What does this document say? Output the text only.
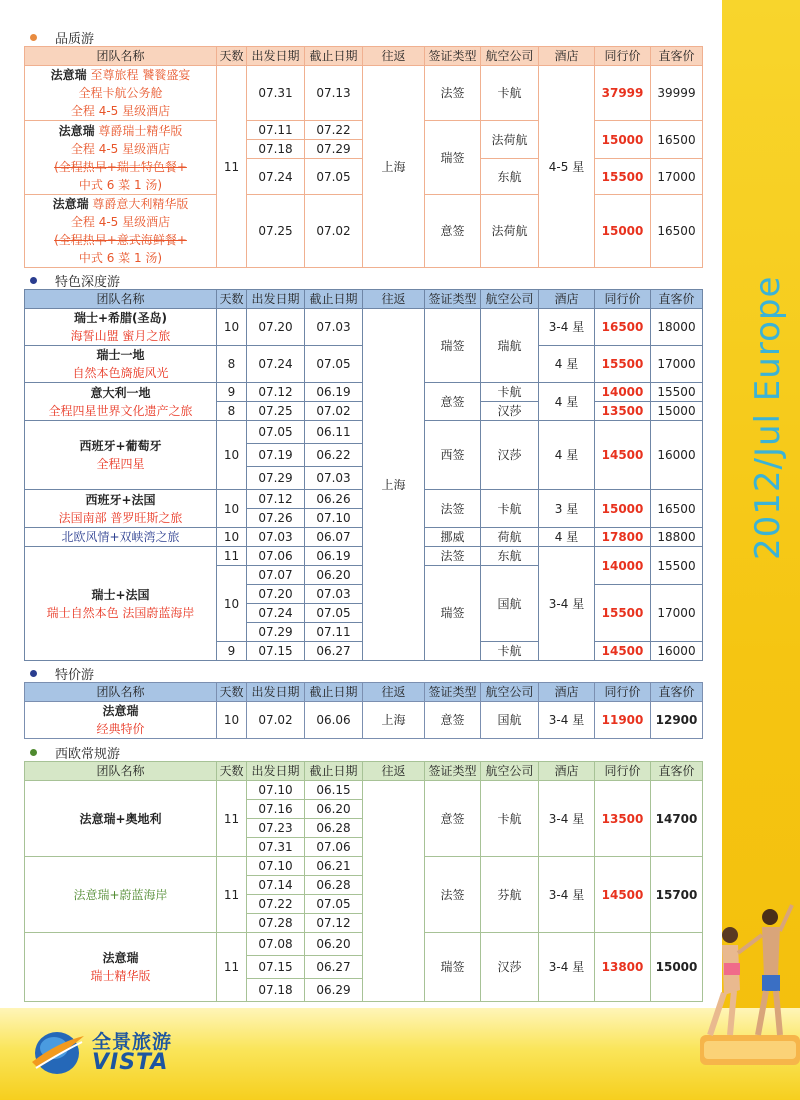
2012/Jul Europe
品质游
团队名称	天数	出发日期	截止日期	往返	签证类型	航空公司	酒店	同行价	直客价

法意瑞 至尊旅程 饕餮盛宴
全程卡航公务舱
全程 4-5 星级酒店	11	07.31	07.13	上海	法签	卡航	4-5 星	37999	39999

法意瑞 尊爵瑞士精华版
全程 4-5 星级酒店
(全程热早+瑞士特色餐+
中式 6 菜 1 汤)		07.11	07.22		瑞签	法荷航		15000	16500
		07.18	07.29						
		07.24	07.05			东航		15500	17000

法意瑞 尊爵意大利精华版
全程 4-5 星级酒店
(全程热早+意式海鲜餐+
中式 6 菜 1 汤)		07.25	07.02		意签	法荷航		15000	16500
特色深度游
团队名称	天数	出发日期	截止日期	往返	签证类型	航空公司	酒店	同行价	直客价

瑞士+希腊(圣岛)
海誓山盟 蜜月之旅	10	07.20	07.03	上海	瑞签	瑞航	3-4 星	16500	18000

瑞士一地
自然本色旖旎风光	8	07.24	07.05				4 星	15500	17000

意大利一地
全程四星世界文化遗产之旅	9	07.12	06.19		意签	卡航	4 星	14000	15500
	8	07.25	07.02			汉莎		13500	15000

西班牙+葡萄牙
全程四星	10	07.05	06.11		西签	汉莎	4 星	14500	16000
		07.19	06.22						
		07.29	07.03						

西班牙+法国
法国南部 普罗旺斯之旅	10	07.12	06.26		法签	卡航	3 星	15000	16500
		07.26	07.10						
北欧风情+双峡湾之旅	10	07.03	06.07		挪威	荷航	4 星	17800	18800

瑞士+法国
瑞士自然本色 法国蔚蓝海岸	11	07.06	06.19		法签	东航	3-4 星	14000	15500
	10	07.07	06.20		瑞签	国航			
		07.20	07.03					15500	17000
		07.24	07.05						
		07.29	07.11						
	9	07.15	06.27			卡航		14500	16000
特价游
团队名称	天数	出发日期	截止日期	往返	签证类型	航空公司	酒店	同行价	直客价

法意瑞
经典特价	10	07.02	06.06	上海	意签	国航	3-4 星	11900	12900
西欧常规游
团队名称	天数	出发日期	截止日期	往返	签证类型	航空公司	酒店	同行价	直客价
法意瑞+奥地利	11	07.10	06.15		意签	卡航	3-4 星	13500	14700
		07.16	06.20						
		07.23	06.28						
		07.31	07.06						
法意瑞+蔚蓝海岸	11	07.10	06.21		法签	芬航	3-4 星	14500	15700
		07.14	06.28						
		07.22	07.05						
		07.28	07.12						

法意瑞
瑞士精华版	11	07.08	06.20		瑞签	汉莎	3-4 星	13800	15000
		07.15	06.27						
		07.18	06.29						
全景旅游
VISTA
